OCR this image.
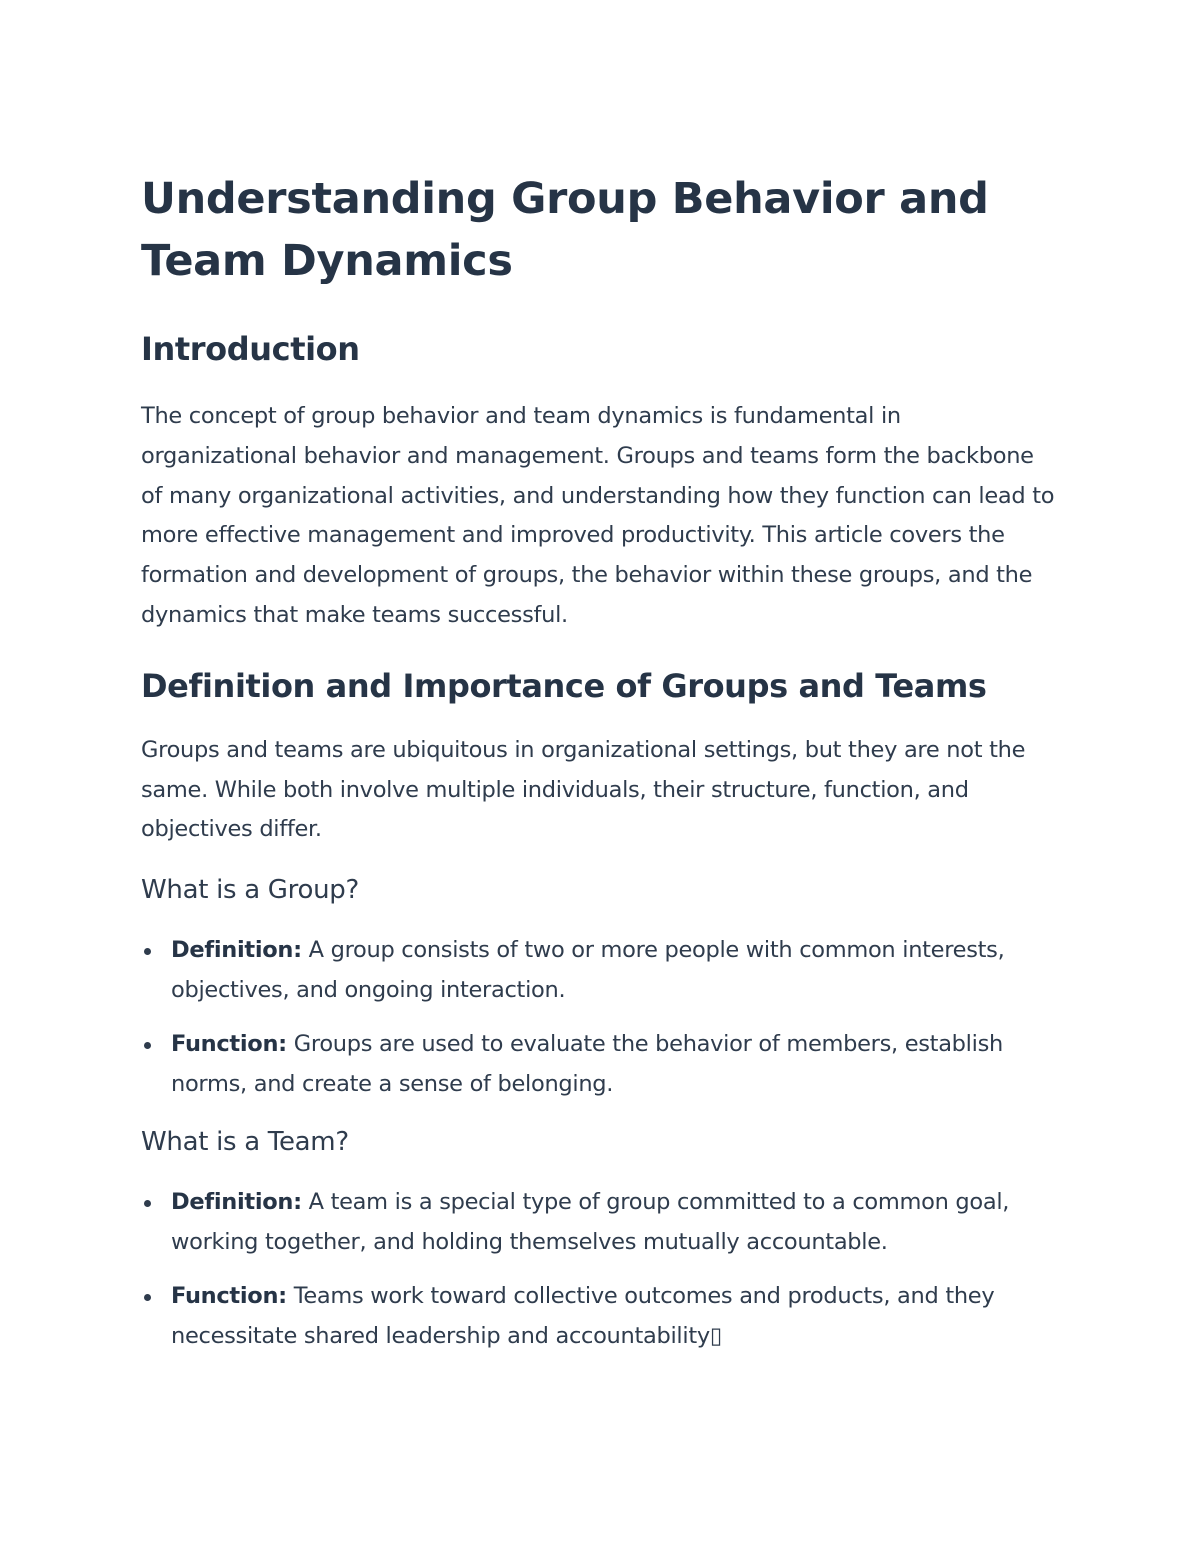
Understanding Group Behavior and Team Dynamics
Introduction

The concept of group behavior and team dynamics is fundamental in organizational behavior and management. Groups and teams form the backbone of many organizational activities, and understanding how they function can lead to more effective management and improved productivity. This article covers the formation and development of groups, the behavior within these groups, and the dynamics that make teams successful.

Definition and Importance of Groups and Teams

Groups and teams are ubiquitous in organizational settings, but they are not the same. While both involve multiple individuals, their structure, function, and objectives differ.

What is a Group?
Definition: A group consists of two or more people with common interests, objectives, and ongoing interaction.
Function: Groups are used to evaluate the behavior of members, establish norms, and create a sense of belonging.
What is a Team?
Definition: A team is a special type of group committed to a common goal, working together, and holding themselves mutually accountable.
Function: Teams work toward collective outcomes and products, and they necessitate shared leadership and accountability▯
